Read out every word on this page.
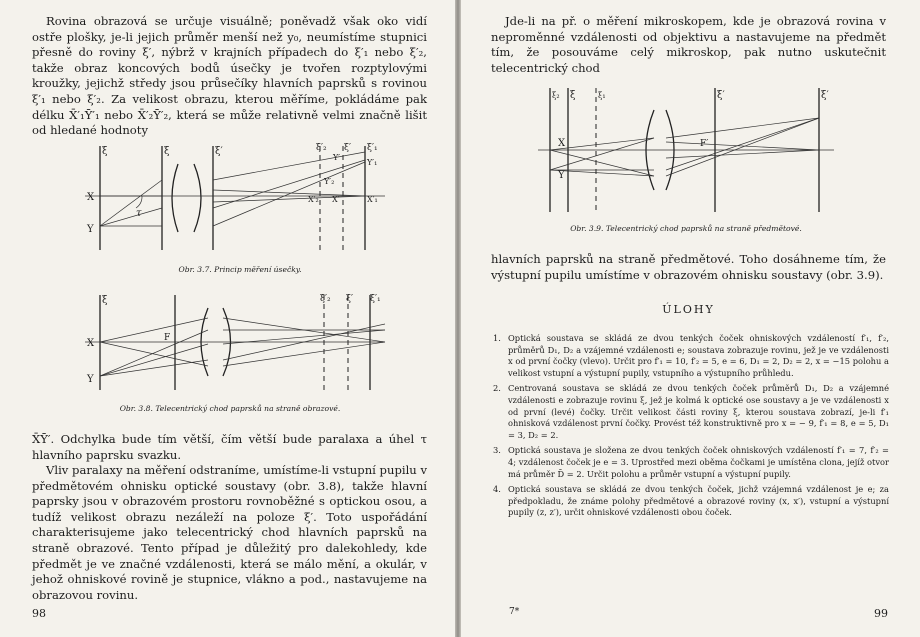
Rovina obrazová se určuje visuálně; poněvadž však oko vidí ostře plošky, je-li jejich průměr menší než y₀, neumístíme stupnici přesně do roviny ξ′, nýbrž v krajních případech do ξ′₁ nebo ξ′₂, takže obraz koncových bodů úsečky je tvořen rozptylovými kroužky, jejichž středy jsou průsečíky hlavních paprsků s rovinou ξ′₁ nebo ξ′₂. Za velikost obrazu, kterou měříme, pokládáme pak délku X̄′₁Ȳ′₁ nebo X̄′₂Ȳ′₂, která se může relativně velmi značně lišit od hledané hodnoty

ξ	ξ	ξ′	ξ′₂ ξ′ ξ′₁
X
Y
τ
Y′
Y′₁
Y′₂
X′₂ X′	X′₁

Obr. 3.7. Princip měření úsečky.

ξ	ξ′₂ ξ′ ξ′₁
X
Y
F

Obr. 3.8. Telecentrický chod paprsků na straně obrazové.

X̄Ȳ′. Odchylka bude tím větší, čím větší bude paralaxa a úhel τ hlavního paprsku svazku.

Vliv paralaxy na měření odstraníme, umístíme-li vstupní pupilu v předmětovém ohnisku optické soustavy (obr. 3.8), takže hlavní paprsky jsou v obrazovém prostoru rovnoběžné s optickou osou, a tudíž velikost obrazu nezáleží na poloze ξ′. Toto uspořádání charakterisujeme jako telecentrický chod hlavních paprsků na straně obrazové. Tento případ je důležitý pro dalekohledy, kde předmět je ve značné vzdálenosti, která se málo mění, a okulár, v jehož ohniskové rovině je stupnice, vlákno a pod., nastavujeme na obrazovou rovinu.

98

Jde-li na př. o měření mikroskopem, kde je obrazová rovina v neproměnné vzdálenosti od objektivu a nastavujeme na předmět tím, že posouváme celý mikroskop, pak nutno uskutečnit telecentrický chod

ξ₂ ξ	ξ₁	ξ′	ξ′
X
Y
F′

Obr. 3.9. Telecentrický chod paprsků na straně předmětové.

hlavních paprsků na straně předmětové. Toho dosáhneme tím, že výstupní pupilu umístíme v obrazovém ohnisku soustavy (obr. 3.9).

ÚLOHY
1. Optická soustava se skládá ze dvou tenkých čoček ohniskových vzdáleností f′₁, f′₂, průměrů D₁, D₂ a vzájemné vzdálenosti e; soustava zobrazuje rovinu, jež je ve vzdálenosti x od první čočky (vlevo). Určit pro f′₁ = 10, f′₂ = 5, e = 6, D₁ = 2, D₂ = 2, x = −15 polohu a velikost vstupní a výstupní pupily, vstupního a výstupního průhledu.
2. Centrovaná soustava se skládá ze dvou tenkých čoček průměrů D₁, D₂ a vzájemné vzdálenosti e zobrazuje rovinu ξ, jež je kolmá k optické ose soustavy a je ve vzdálenosti x od první (levé) čočky. Určit velikost části roviny ξ, kterou soustava zobrazí, je-li f′₁ ohnisková vzdálenost první čočky. Provést též konstruktivně pro x = − 9, f′₁ = 8, e = 5, D₁ = 3, D₂ = 2.
3. Optická soustava je složena ze dvou tenkých čoček ohniskových vzdáleností f′₁ = 7, f′₂ = 4; vzdálenost čoček je e = 3. Uprostřed mezi oběma čočkami je umístěna clona, jejíž otvor má průměr D̄ = 2. Určit polohu a průměr vstupní a výstupní pupily.
4. Optická soustava se skládá ze dvou tenkých čoček, jichž vzájemná vzdálenost je e; za předpokladu, že známe polohy předmětové a obrazové roviny (x, x′), vstupní a výstupní pupily (z, z′), určit ohniskové vzdálenosti obou čoček.
7*	99
